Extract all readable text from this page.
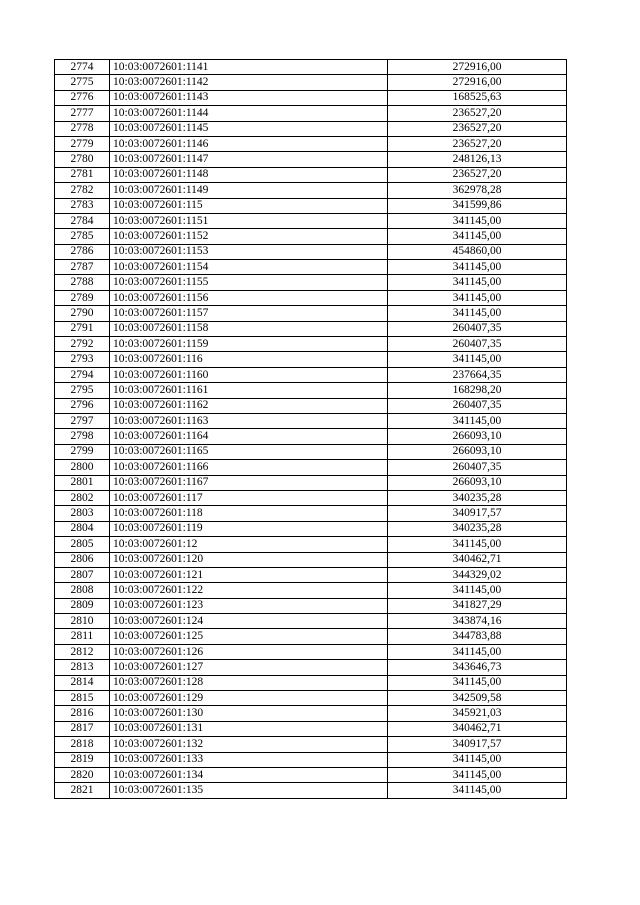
2774	10:03:0072601:1141	272916,00
2775	10:03:0072601:1142	272916,00
2776	10:03:0072601:1143	168525,63
2777	10:03:0072601:1144	236527,20
2778	10:03:0072601:1145	236527,20
2779	10:03:0072601:1146	236527,20
2780	10:03:0072601:1147	248126,13
2781	10:03:0072601:1148	236527,20
2782	10:03:0072601:1149	362978,28
2783	10:03:0072601:115	341599,86
2784	10:03:0072601:1151	341145,00
2785	10:03:0072601:1152	341145,00
2786	10:03:0072601:1153	454860,00
2787	10:03:0072601:1154	341145,00
2788	10:03:0072601:1155	341145,00
2789	10:03:0072601:1156	341145,00
2790	10:03:0072601:1157	341145,00
2791	10:03:0072601:1158	260407,35
2792	10:03:0072601:1159	260407,35
2793	10:03:0072601:116	341145,00
2794	10:03:0072601:1160	237664,35
2795	10:03:0072601:1161	168298,20
2796	10:03:0072601:1162	260407,35
2797	10:03:0072601:1163	341145,00
2798	10:03:0072601:1164	266093,10
2799	10:03:0072601:1165	266093,10
2800	10:03:0072601:1166	260407,35
2801	10:03:0072601:1167	266093,10
2802	10:03:0072601:117	340235,28
2803	10:03:0072601:118	340917,57
2804	10:03:0072601:119	340235,28
2805	10:03:0072601:12	341145,00
2806	10:03:0072601:120	340462,71
2807	10:03:0072601:121	344329,02
2808	10:03:0072601:122	341145,00
2809	10:03:0072601:123	341827,29
2810	10:03:0072601:124	343874,16
2811	10:03:0072601:125	344783,88
2812	10:03:0072601:126	341145,00
2813	10:03:0072601:127	343646,73
2814	10:03:0072601:128	341145,00
2815	10:03:0072601:129	342509,58
2816	10:03:0072601:130	345921,03
2817	10:03:0072601:131	340462,71
2818	10:03:0072601:132	340917,57
2819	10:03:0072601:133	341145,00
2820	10:03:0072601:134	341145,00
2821	10:03:0072601:135	341145,00
